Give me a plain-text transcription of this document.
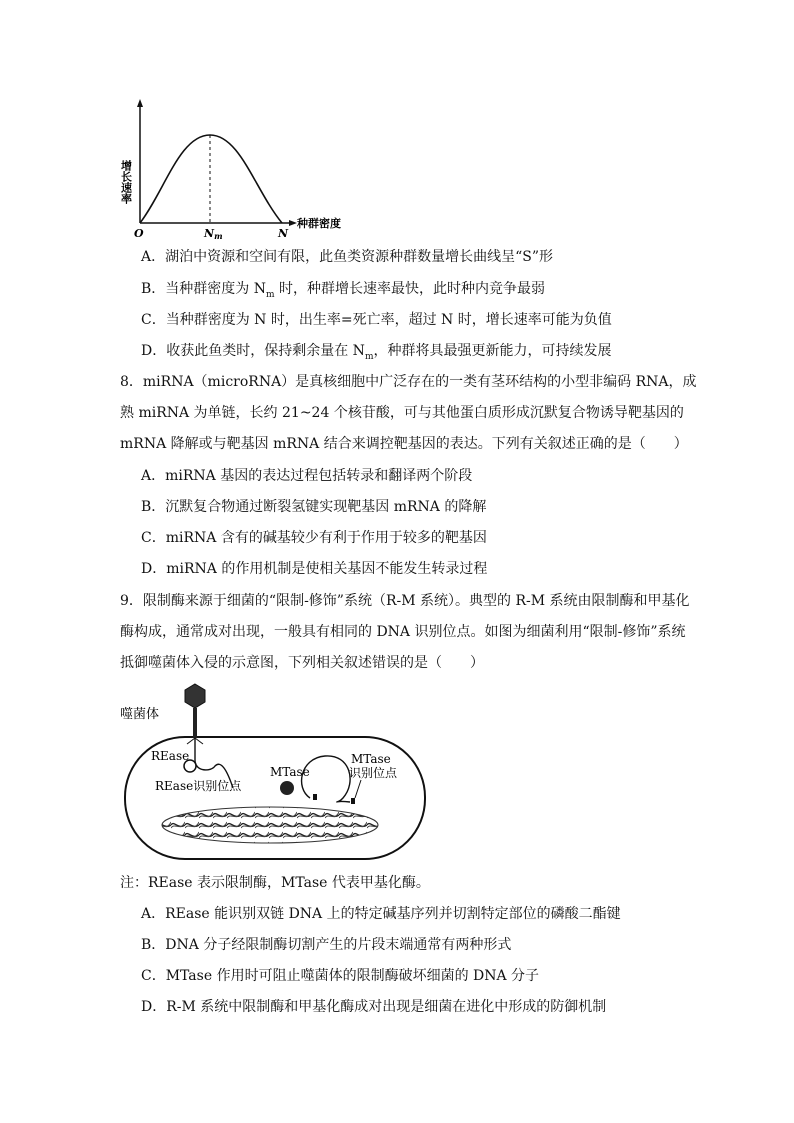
增长速率
种群密度
O	Nm	N
A．湖泊中资源和空间有限，此鱼类资源种群数量增长曲线呈“S”形
B．当种群密度为 $N_m$ 时，种群增长速率最快，此时种内竞争最弱
C．当种群密度为 N 时，出生率=死亡率，超过 N 时，增长速率可能为负值
D．收获此鱼类时，保持剩余量在 $N_m$，种群将具最强更新能力，可持续发展
8．miRNA（microRNA）是真核细胞中广泛存在的一类有茎环结构的小型非编码 RNA，成
熟 miRNA 为单链，长约 21~24 个核苷酸，可与其他蛋白质形成沉默复合物诱导靶基因的
mRNA 降解或与靶基因 mRNA 结合来调控靶基因的表达。下列有关叙述正确的是（　　）
A．miRNA 基因的表达过程包括转录和翻译两个阶段
B．沉默复合物通过断裂氢键实现靶基因 mRNA 的降解
C．miRNA 含有的碱基较少有利于作用于较多的靶基因
D．miRNA 的作用机制是使相关基因不能发生转录过程
9．限制酶来源于细菌的“限制-修饰”系统（R-M 系统）。典型的 R-M 系统由限制酶和甲基化
酶构成，通常成对出现，一般具有相同的 DNA 识别位点。如图为细菌利用“限制-修饰”系统
抵御噬菌体入侵的示意图，下列相关叙述错误的是（　　）
噬菌体
REase
REase识别位点
MTase
MTase
识别位点
注：REase 表示限制酶，MTase 代表甲基化酶。
A．REase 能识别双链 DNA 上的特定碱基序列并切割特定部位的磷酸二酯键
B．DNA 分子经限制酶切割产生的片段末端通常有两种形式
C．MTase 作用时可阻止噬菌体的限制酶破坏细菌的 DNA 分子
D．R-M 系统中限制酶和甲基化酶成对出现是细菌在进化中形成的防御机制
